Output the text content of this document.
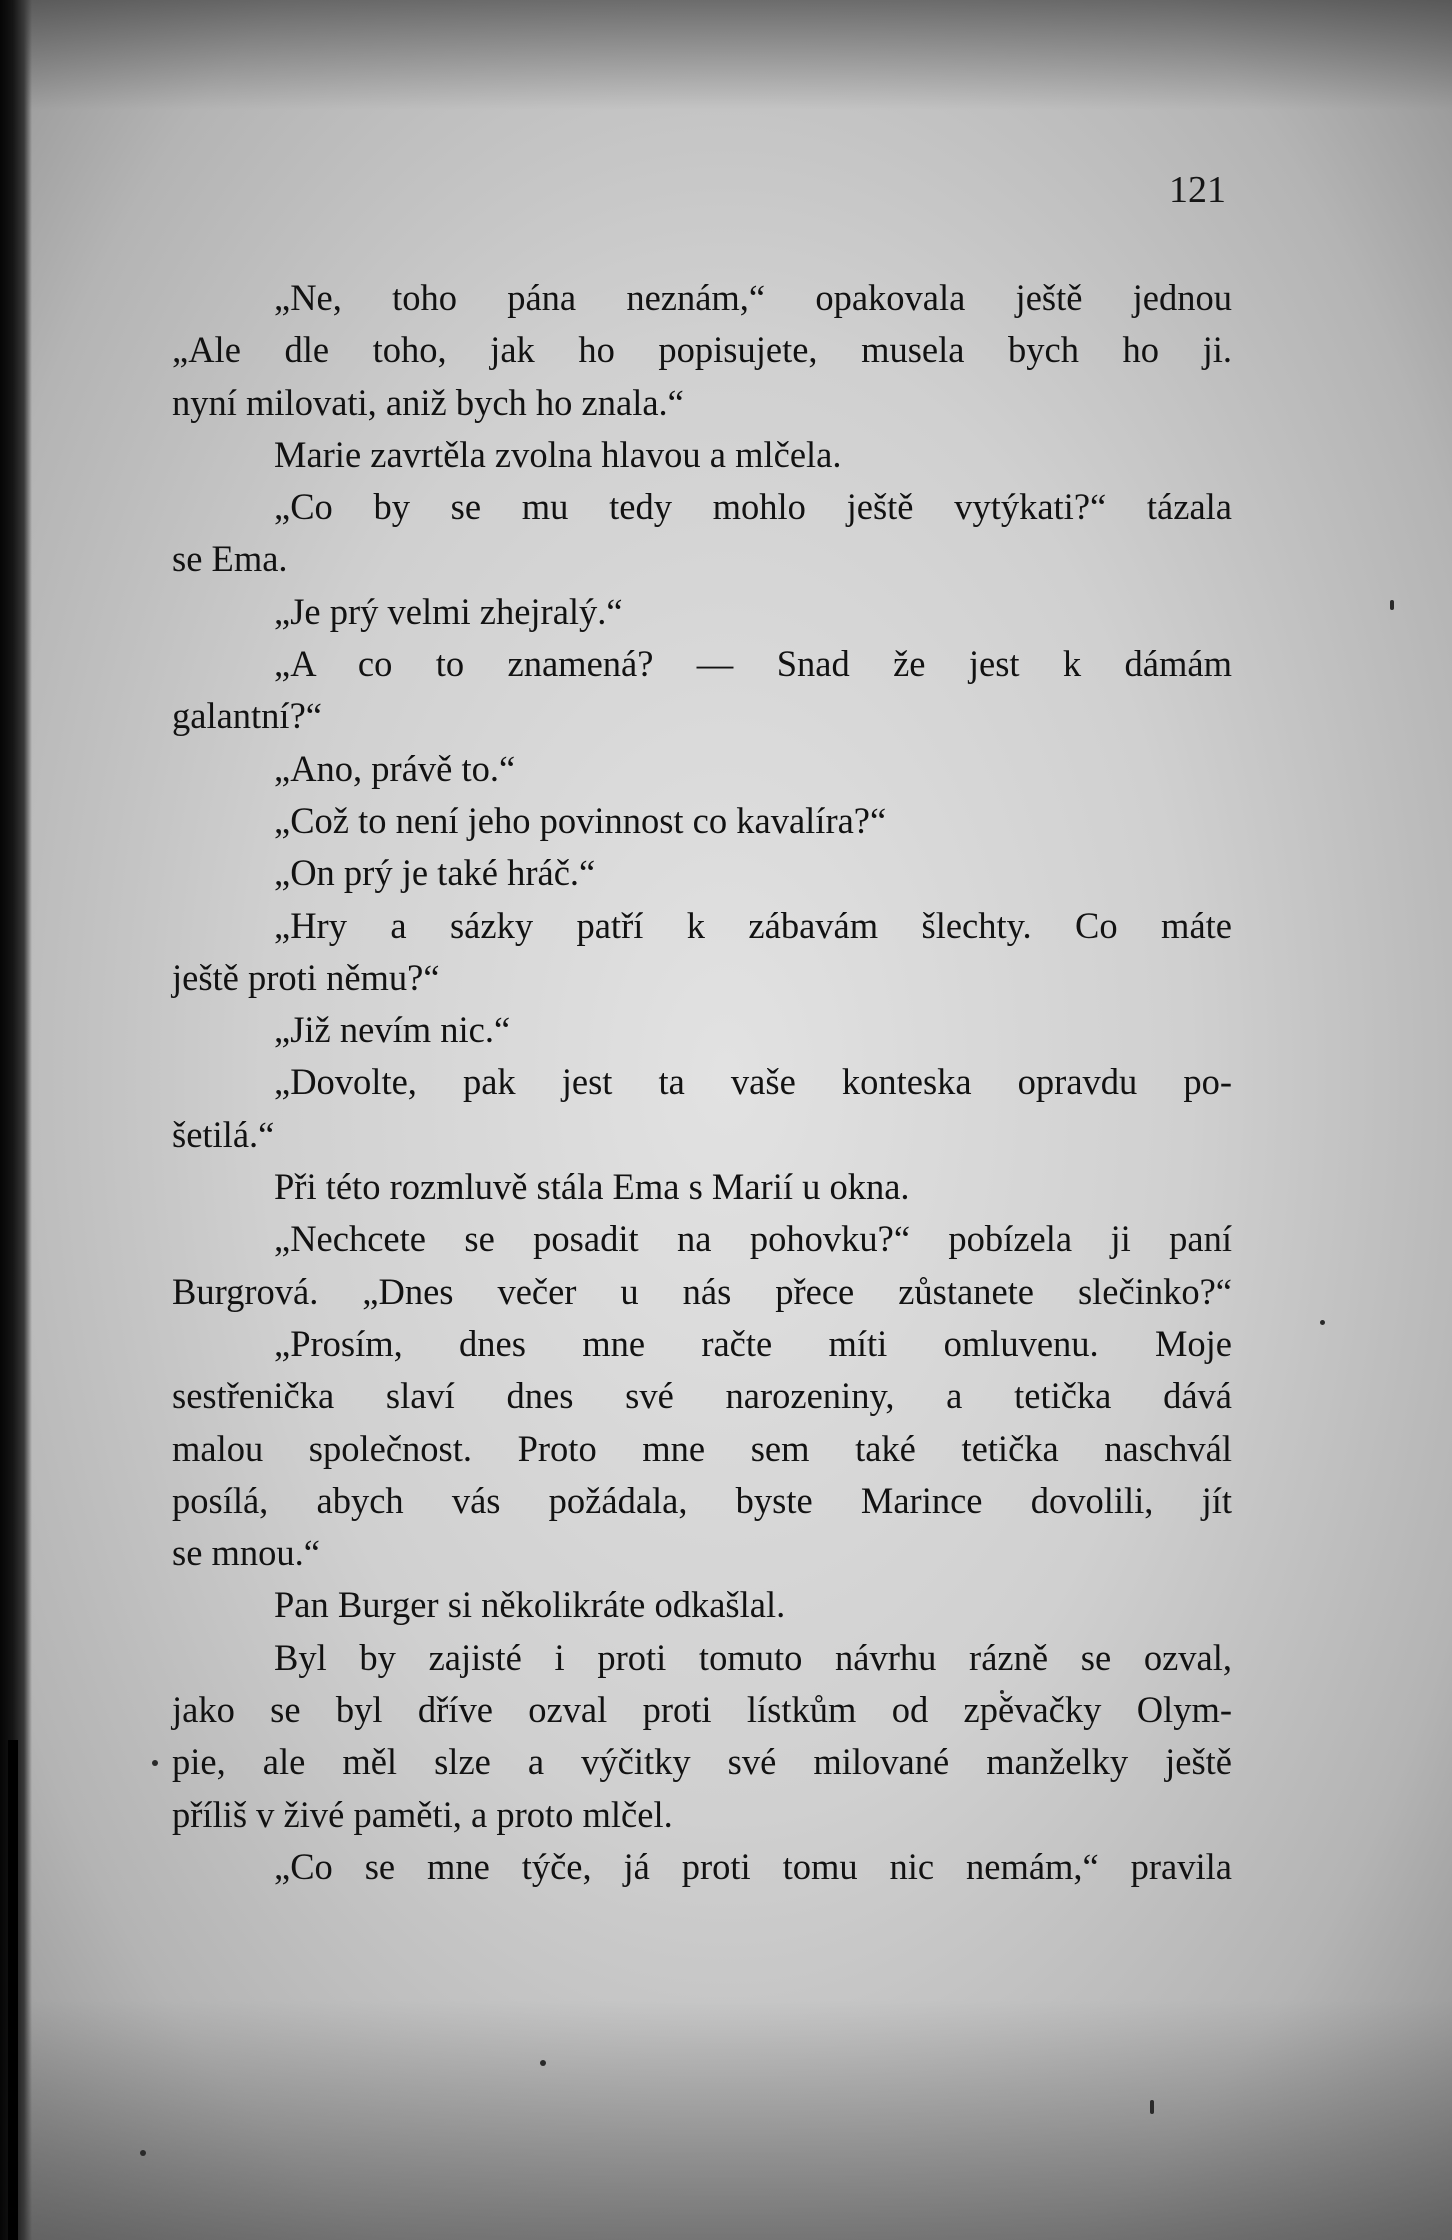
121
„Ne, toho pána neznám,“ opakovala ještě jednou
„Ale dle toho, jak ho popisujete, musela bych ho ji.
nyní milovati, aniž bych ho znala.“
Marie zavrtěla zvolna hlavou a mlčela.
„Co by se mu tedy mohlo ještě vytýkati?“ tázala
se Ema.
„Je prý velmi zhejralý.“
„A co to znamená? — Snad že jest k dámám
galantní?“
„Ano, právě to.“
„Což to není jeho povinnost co kavalíra?“
„On prý je také hráč.“
„Hry a sázky patří k zábavám šlechty. Co máte
ještě proti němu?“
„Již nevím nic.“
„Dovolte, pak jest ta vaše konteska opravdu po-
šetilá.“
Při této rozmluvě stála Ema s Marií u okna.
„Nechcete se posadit na pohovku?“ pobízela ji paní
Burgrová. „Dnes večer u nás přece zůstanete slečinko?“
„Prosím, dnes mne račte míti omluvenu. Moje
sestřenička slaví dnes své narozeniny, a tetička dává
malou společnost. Proto mne sem také tetička naschvál
posílá, abych vás požádala, byste Marince dovolili, jít
se mnou.“
Pan Burger si několikráte odkašlal.
Byl by zajisté i proti tomuto návrhu rázně se ozval,
jako se byl dříve ozval proti lístkům od zpěvačky Olym-
pie, ale měl slze a výčitky své milované manželky ještě
příliš v živé paměti, a proto mlčel.
„Co se mne týče, já proti tomu nic nemám,“ pravila
